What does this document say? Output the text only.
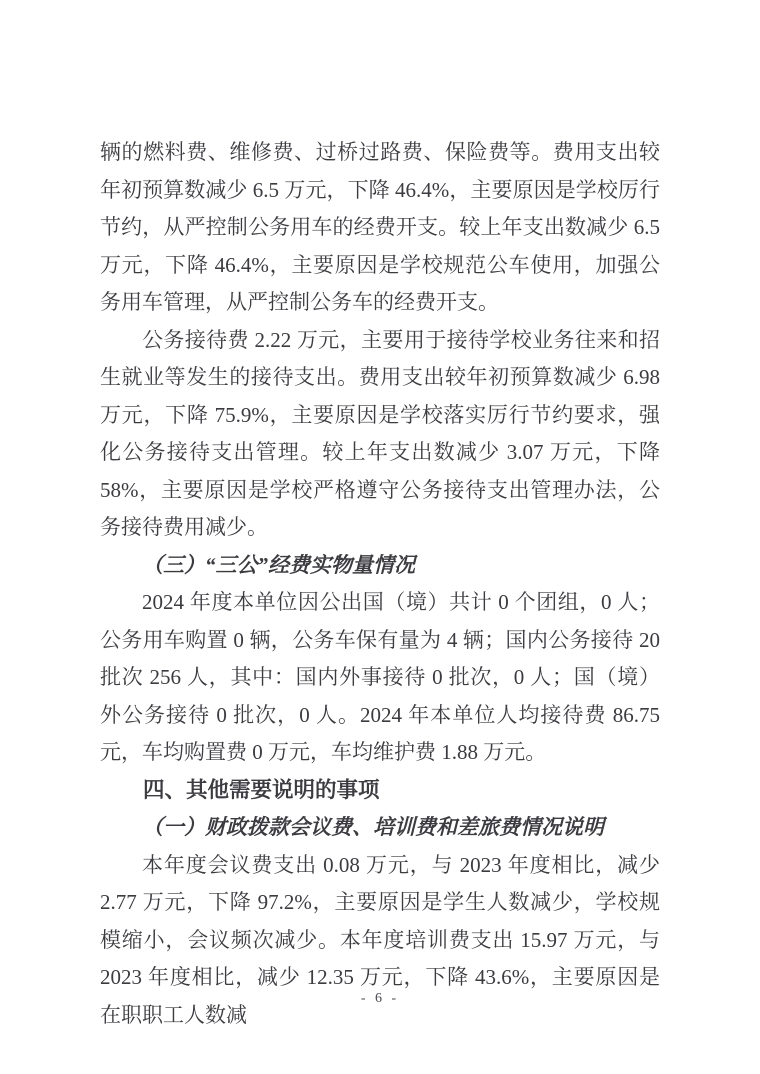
辆的燃料费、维修费、过桥过路费、保险费等。费用支出较年初预算数减少 6.5 万元，下降 46.4%，主要原因是学校厉行节约，从严控制公务用车的经费开支。较上年支出数减少 6.5 万元，下降 46.4%，主要原因是学校规范公车使用，加强公务用车管理，从严控制公务车的经费开支。

公务接待费 2.22 万元，主要用于接待学校业务往来和招生就业等发生的接待支出。费用支出较年初预算数减少 6.98 万元，下降 75.9%，主要原因是学校落实厉行节约要求，强化公务接待支出管理。较上年支出数减少 3.07 万元，下降 58%，主要原因是学校严格遵守公务接待支出管理办法，公务接待费用减少。

（三）“三公”经费实物量情况

2024 年度本单位因公出国（境）共计 0 个团组，0 人；公务用车购置 0 辆，公务车保有量为 4 辆；国内公务接待 20 批次 256 人，其中：国内外事接待 0 批次，0 人；国（境）外公务接待 0 批次，0 人。2024 年本单位人均接待费 86.75 元，车均购置费 0 万元，车均维护费 1.88 万元。

四、其他需要说明的事项

（一）财政拨款会议费、培训费和差旅费情况说明

本年度会议费支出 0.08 万元，与 2023 年度相比，减少 2.77 万元，下降 97.2%，主要原因是学生人数减少，学校规模缩小，会议频次减少。本年度培训费支出 15.97 万元，与 2023 年度相比，减少 12.35 万元，下降 43.6%，主要原因是在职职工人数减

- 6 -
